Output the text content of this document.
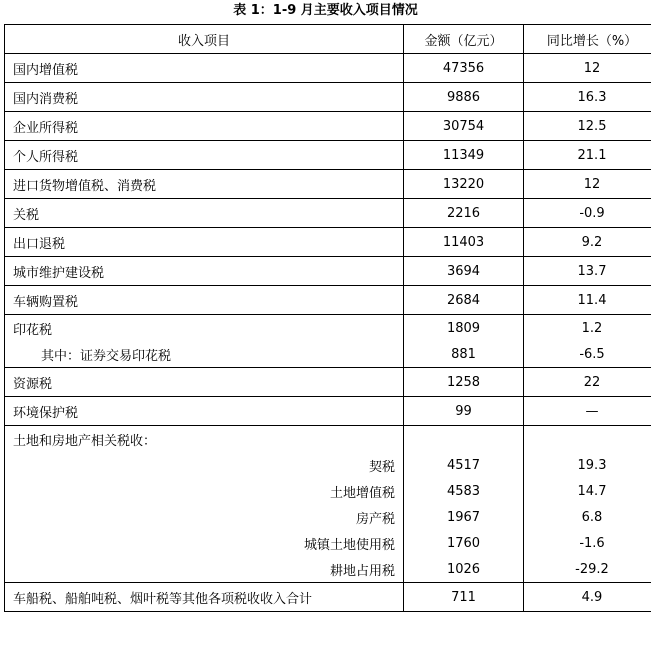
表 1：1-9 月主要收入项目情况
收入项目	金额（亿元）	同比增长（%）
国内增值税	47356	12
国内消费税	9886	16.3
企业所得税	30754	12.5
个人所得税	11349	21.1
进口货物增值税、消费税	13220	12
关税	2216	-0.9
出口退税	11403	9.2
城市维护建设税	3694	13.7
车辆购置税	2684	11.4
印花税	1809	1.2
其中：证券交易印花税	881	-6.5
资源税	1258	22
环境保护税	99	—
土地和房地产相关税收：		
契税	4517	19.3
土地增值税	4583	14.7
房产税	1967	6.8
城镇土地使用税	1760	-1.6
耕地占用税	1026	-29.2
车船税、船舶吨税、烟叶税等其他各项税收收入合计	711	4.9
